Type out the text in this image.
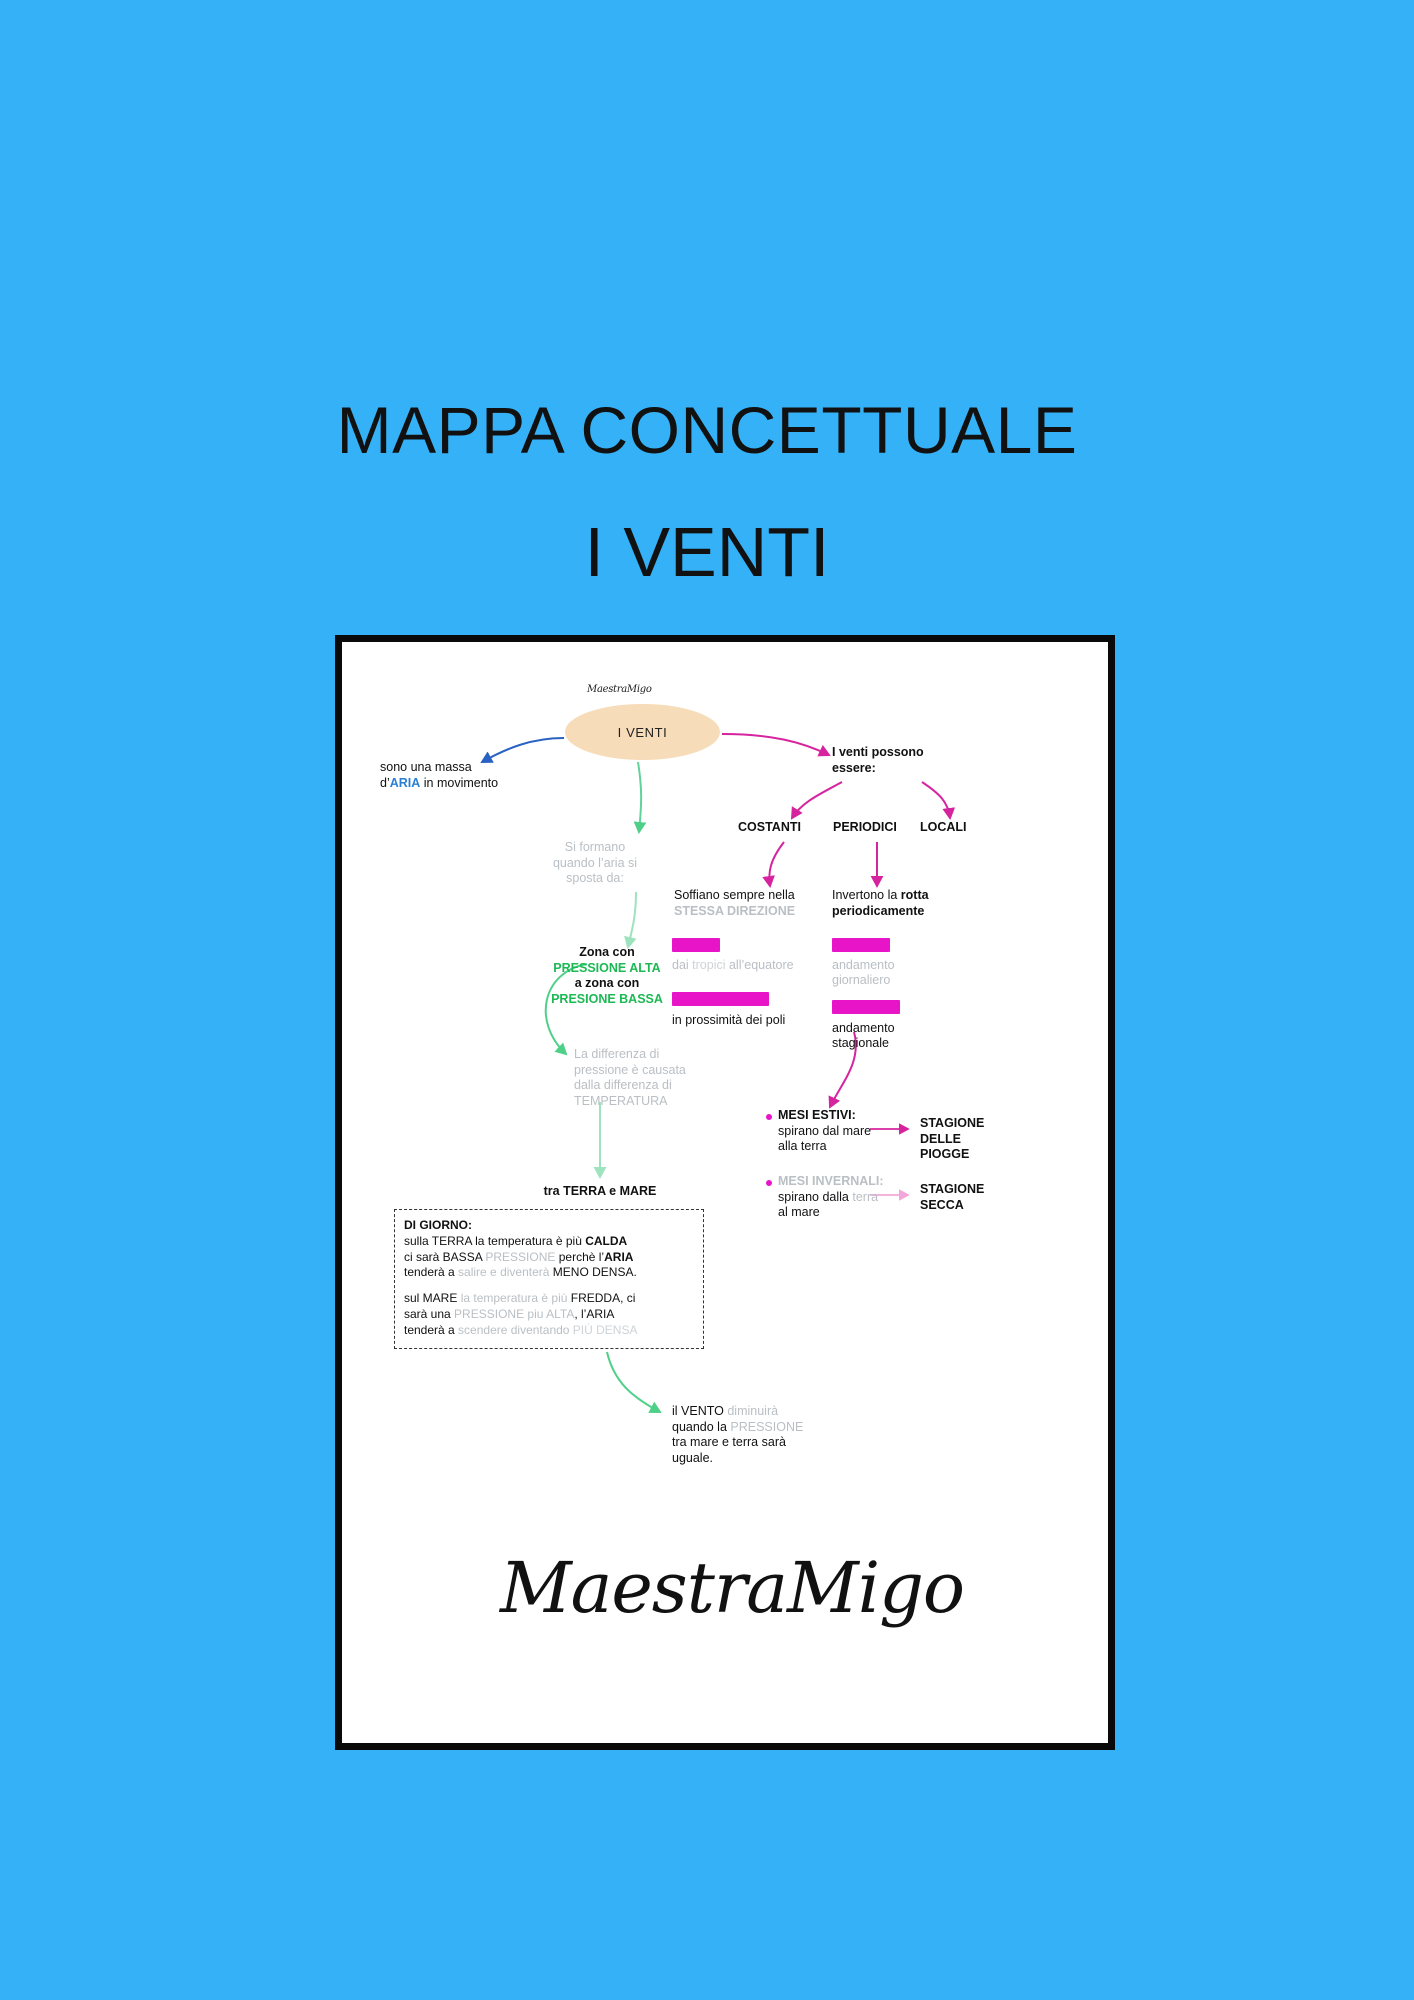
MAPPA CONCETTUALE
I VENTI
MaestraMigo
I VENTI
sono una massa
d’ARIA in movimento
Si formano
quando l’aria si
sposta da:
Zona con
PRESSIONE ALTA
a zona con
PRESIONE BASSA
La differenza di
pressione è causata
dalla differenza di
TEMPERATURA
tra TERRA e MARE
DI GIORNO:
sulla TERRA la temperatura è più CALDA
ci sarà BASSA PRESSIONE perchè l’ARIA
tenderà a salire e diventerà MENO DENSA.
sul MARE la temperatura è più FREDDA, ci
sarà una PRESSIONE piu ALTA, l’ARIA
tenderà a scendere diventando PIÚ DENSA
il VENTO diminuirà
quando la PRESSIONE
tra mare e terra sarà
uguale.
I venti possono
essere:
COSTANTI	PERIODICI LOCALI
Soffiano sempre nella
STESSA DIREZIONE
ALISEI
dai tropici all’equatore
VENTI POLARI
in prossimità dei poli
Invertono la rotta
periodicamente
BREZZE
andamento
giornaliero
MONSONI
andamento
stagionale
MESI ESTIVI:
spirano dal mare
alla terra
MESI INVERNALI:
spirano dalla terra
al mare
STAGIONE
DELLE
PIOGGE
STAGIONE
SECCA
MaestraMigo
